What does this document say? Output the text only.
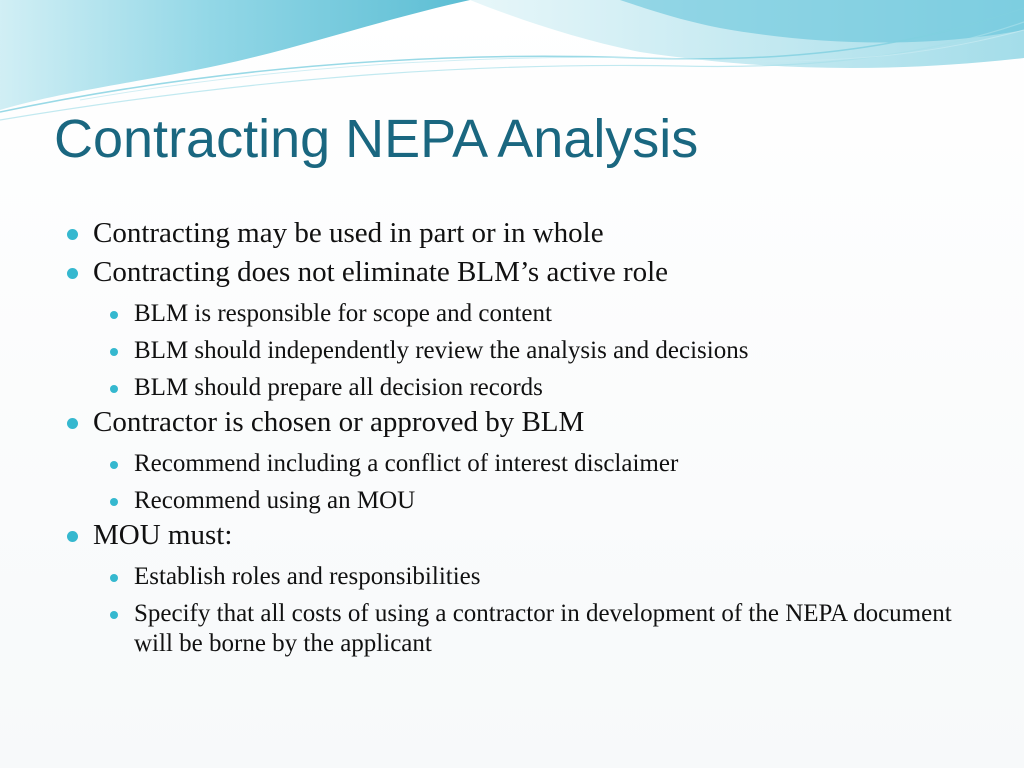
Contracting NEPA Analysis
Contracting may be used in part or in whole
Contracting does not eliminate BLM’s active role
BLM is responsible for scope and content
BLM should independently review the analysis and decisions
BLM should prepare all decision records
Contractor is chosen or approved by BLM
Recommend including a conflict of interest disclaimer
Recommend using an MOU
MOU must:
Establish roles and responsibilities
Specify that all costs of using a contractor in development of the NEPA document will be borne by the applicant
